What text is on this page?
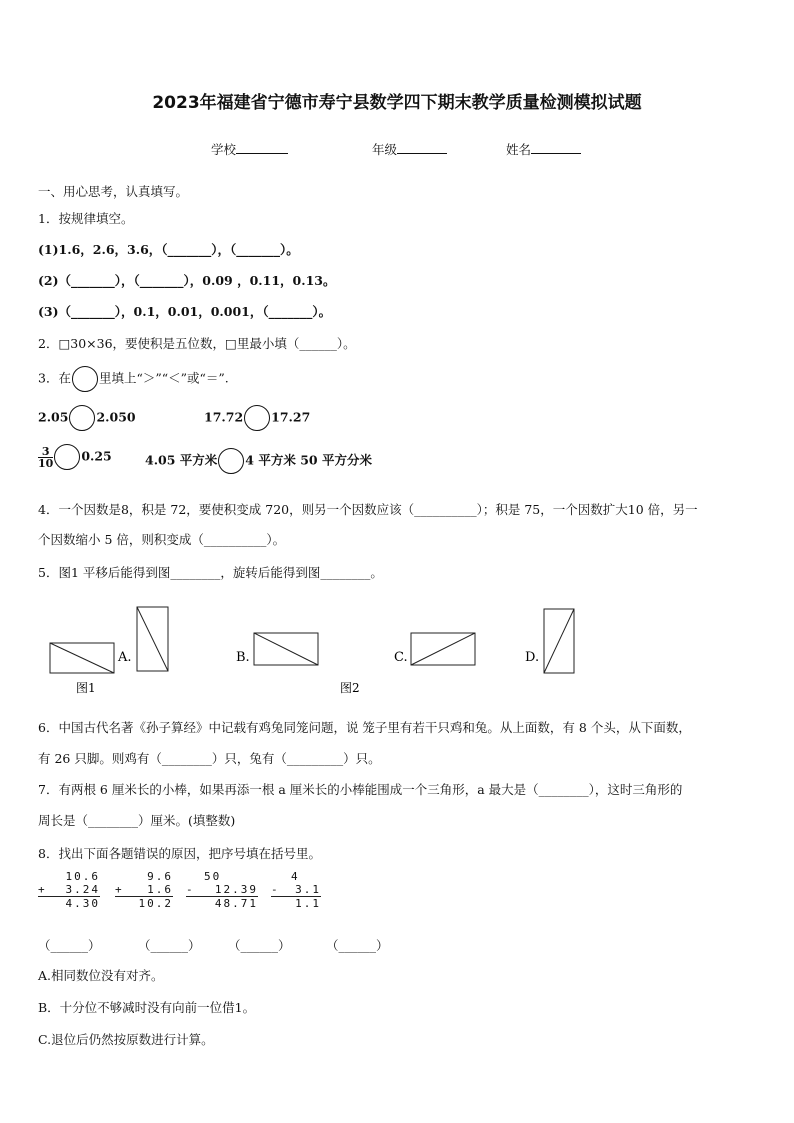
2023年福建省宁德市寿宁县数学四下期末教学质量检测模拟试题
学校	年级	姓名
一、用心思考，认真填写。
1．按规律填空。
(1)1.6，2.6，3.6，（_______），（_______）。
(2)（_______），（_______），0.09 ，0.11，0.13。
(3)（_______），0.1，0.01，0.001，（_______）。
2．□30×36，要使积是五位数，□里最小填（______）。
3．在 里填上“＞”“＜”或“＝”.
2.05 2.050	17.72 17.27
$\frac{3}{10} 0.25$	4.05 平方米 4 平方米 50 平方分米
4．一个因数是8，积是 72，要使积变成 720，则另一个因数应该（__________）；积是 75，一个因数扩大10 倍，另一
个因数缩小 5 倍，则积变成（__________）。
5．图1 平移后能得到图________，旋转后能得到图________。
A.	B.	C.	D.
图1	图2
6．中国古代名著《孙子算经》中记载有鸡兔同笼问题，说 笼子里有若干只鸡和兔。从上面数，有 8 个头，从下面数，
有 26 只脚。则鸡有（________）只，兔有（_________）只。
7．有两根 6 厘米长的小棒，如果再添一根 a 厘米长的小棒能围成一个三角形，a 最大是（________），这时三角形的
周长是（________）厘米。(填整数)
8．找出下面各题错误的原因，把序号填在括号里。
10.6
+ 3.24
4.30
9.6
+ 1.6
10.2
50
- 12.39
48.71
4
- 3.1
1.1
（______）	（______） （______）	（______）
A.相同数位没有对齐。
B．十分位不够减时没有向前一位借1。
C.退位后仍然按原数进行计算。
